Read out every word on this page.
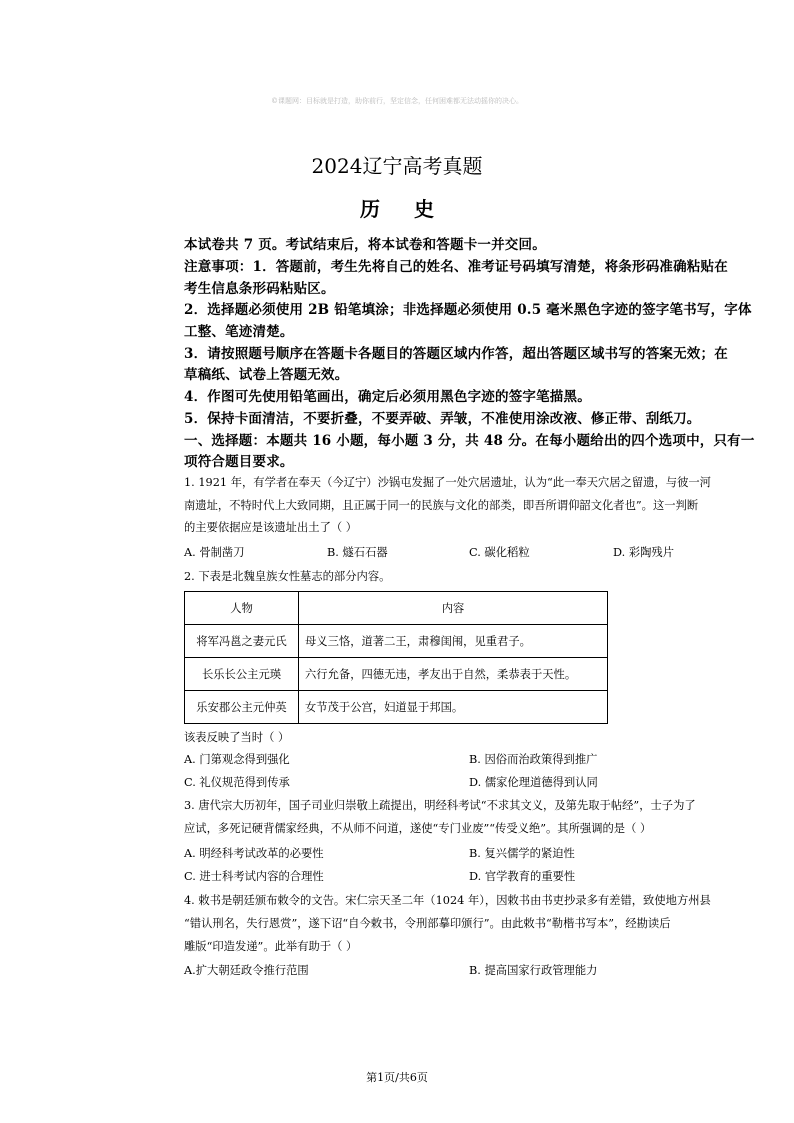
©课题网：目标就是打造，助你前行，坚定信念，任何困难都无法动摇你的决心。
2024辽宁高考真题
历史
本试卷共 7 页。考试结束后，将本试卷和答题卡一并交回。
注意事项：1．答题前，考生先将自己的姓名、准考证号码填写清楚，将条形码准确粘贴在
考生信息条形码粘贴区。
2．选择题必须使用 2B 铅笔填涂；非选择题必须使用 0.5 毫米黑色字迹的签字笔书写，字体
工整、笔迹清楚。
3．请按照题号顺序在答题卡各题目的答题区域内作答，超出答题区域书写的答案无效；在
草稿纸、试卷上答题无效。
4．作图可先使用铅笔画出，确定后必须用黑色字迹的签字笔描黑。
5．保持卡面清洁，不要折叠，不要弄破、弄皱，不准使用涂改液、修正带、刮纸刀。
一、选择题：本题共 16 小题，每小题 3 分，共 48 分。在每小题给出的四个选项中，只有一
项符合题目要求。
1. 1921 年，有学者在奉天（今辽宁）沙锅屯发掘了一处穴居遗址，认为“此一奉天穴居之留遗，与彼一河
南遗址，不特时代上大致同期，且正属于同一的民族与文化的部类，即吾所谓仰韶文化者也”。这一判断
的主要依据应是该遗址出土了（ ）
A. 骨制凿刀	B. 燧石石器	C. 碳化稻粒	D. 彩陶残片
2. 下表是北魏皇族女性墓志的部分内容。
人物	内容
将军冯邕之妻元氏	母义三恪，道著二王，肃穆闺闱，见重君子。
长乐长公主元瑛	六行允备，四德无违，孝友出于自然，柔恭表于天性。
乐安郡公主元仲英	女节茂于公宫，妇道显于邦国。
该表反映了当时（ ）
A. 门第观念得到强化	B. 因俗而治政策得到推广
C. 礼仪规范得到传承	D. 儒家伦理道德得到认同
3. 唐代宗大历初年，国子司业归崇敬上疏提出，明经科考试“不求其文义，及第先取于帖经”，士子为了
应试，多死记硬背儒家经典，不从师不问道，遂使“专门业废”“传受义绝”。其所强调的是（ ）
A. 明经科考试改革的必要性	B. 复兴儒学的紧迫性
C. 进士科考试内容的合理性	D. 官学教育的重要性
4. 敕书是朝廷颁布敕令的文告。宋仁宗天圣二年（1024 年），因敕书由书吏抄录多有差错，致使地方州县
“错认刑名，失行恩赏”，遂下诏“自今敕书，令刑部摹印颁行”。由此敕书“勒楷书写本”，经勘读后
雕版“印造发递”。此举有助于（ ）
A.扩大朝廷政令推行范围	B. 提高国家行政管理能力
第1页/共6页
